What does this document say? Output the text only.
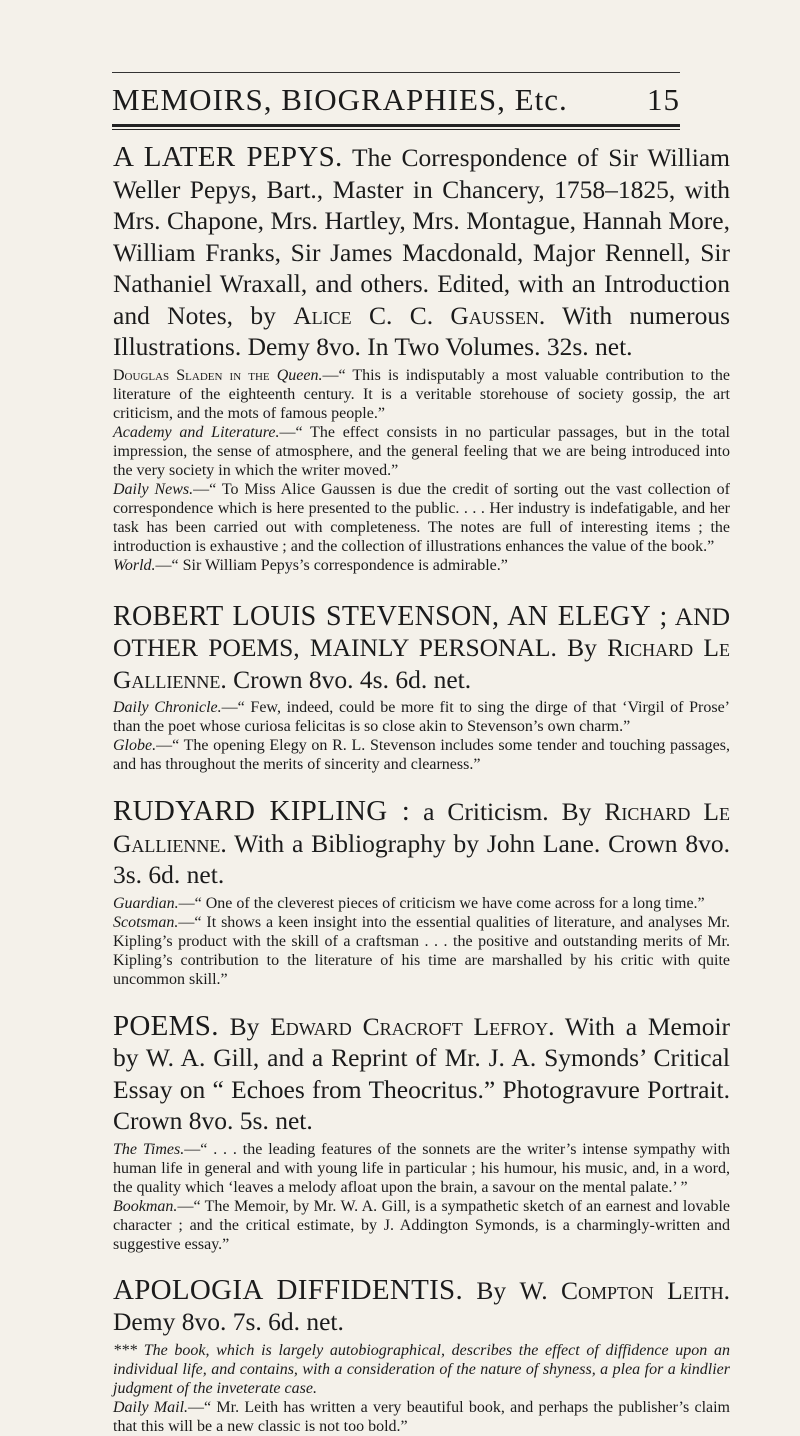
MEMOIRS, BIOGRAPHIES, Etc.	15

A LATER PEPYS. The Correspondence of Sir William Weller Pepys, Bart., Master in Chancery, 1758–1825, with Mrs. Chapone, Mrs. Hartley, Mrs. Montague, Hannah More, William Franks, Sir James Macdonald, Major Rennell, Sir Nathaniel Wraxall, and others. Edited, with an Introduction and Notes, by Alice C. C. Gaussen. With numerous Illustrations. Demy 8vo. In Two Volumes. 32s. net.

Douglas Sladen in the Queen.—“ This is indisputably a most valuable contribution to the literature of the eighteenth century. It is a veritable storehouse of society gossip, the art criticism, and the mots of famous people.”

Academy and Literature.—“ The effect consists in no particular passages, but in the total impression, the sense of atmosphere, and the general feeling that we are being introduced into the very society in which the writer moved.”

Daily News.—“ To Miss Alice Gaussen is due the credit of sorting out the vast collection of correspondence which is here presented to the public. . . . Her industry is indefatigable, and her task has been carried out with completeness. The notes are full of interesting items ; the introduction is exhaustive ; and the collection of illustrations enhances the value of the book.”

World.—“ Sir William Pepys’s correspondence is admirable.”

ROBERT LOUIS STEVENSON, AN ELEGY ; AND OTHER POEMS, MAINLY PERSONAL. By Richard Le Gallienne. Crown 8vo. 4s. 6d. net.

Daily Chronicle.—“ Few, indeed, could be more fit to sing the dirge of that ‘Virgil of Prose’ than the poet whose curiosa felicitas is so close akin to Stevenson’s own charm.”

Globe.—“ The opening Elegy on R. L. Stevenson includes some tender and touching passages, and has throughout the merits of sincerity and clearness.”

RUDYARD KIPLING : a Criticism. By Richard Le Gallienne. With a Bibliography by John Lane. Crown 8vo. 3s. 6d. net.

Guardian.—“ One of the cleverest pieces of criticism we have come across for a long time.”

Scotsman.—“ It shows a keen insight into the essential qualities of literature, and analyses Mr. Kipling’s product with the skill of a craftsman . . . the positive and outstanding merits of Mr. Kipling’s contribution to the literature of his time are marshalled by his critic with quite uncommon skill.”

POEMS. By Edward Cracroft Lefroy. With a Memoir by W. A. Gill, and a Reprint of Mr. J. A. Symonds’ Critical Essay on “ Echoes from Theocritus.” Photogravure Portrait. Crown 8vo. 5s. net.

The Times.—“ . . . the leading features of the sonnets are the writer’s intense sympathy with human life in general and with young life in particular ; his humour, his music, and, in a word, the quality which ‘leaves a melody afloat upon the brain, a savour on the mental palate.’ ”

Bookman.—“ The Memoir, by Mr. W. A. Gill, is a sympathetic sketch of an earnest and lovable character ; and the critical estimate, by J. Addington Symonds, is a charmingly-written and suggestive essay.”

APOLOGIA DIFFIDENTIS. By W. Compton Leith. Demy 8vo. 7s. 6d. net.

*** The book, which is largely autobiographical, describes the effect of diffidence upon an individual life, and contains, with a consideration of the nature of shyness, a plea for a kindlier judgment of the inveterate case.

Daily Mail.—“ Mr. Leith has written a very beautiful book, and perhaps the publisher’s claim that this will be a new classic is not too bold.”
